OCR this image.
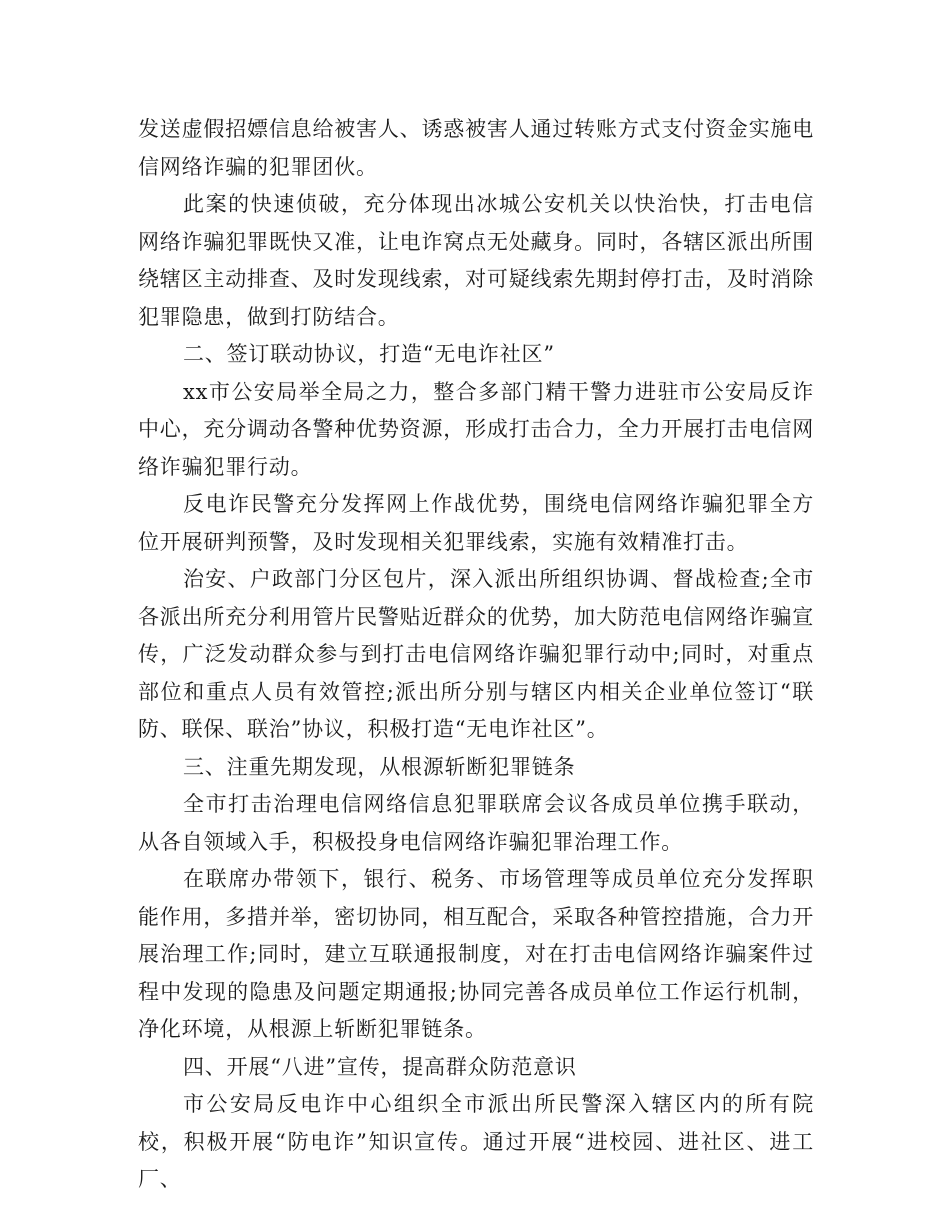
发送虚假招嫖信息给被害人、诱惑被害人通过转账方式支付资金实施电信网络诈骗的犯罪团伙。

此案的快速侦破，充分体现出冰城公安机关以快治快，打击电信网络诈骗犯罪既快又准，让电诈窝点无处藏身。同时，各辖区派出所围绕辖区主动排查、及时发现线索，对可疑线索先期封停打击，及时消除犯罪隐患，做到打防结合。

二、签订联动协议，打造“无电诈社区”

xx市公安局举全局之力，整合多部门精干警力进驻市公安局反诈中心，充分调动各警种优势资源，形成打击合力，全力开展打击电信网络诈骗犯罪行动。

反电诈民警充分发挥网上作战优势，围绕电信网络诈骗犯罪全方位开展研判预警，及时发现相关犯罪线索，实施有效精准打击。

治安、户政部门分区包片，深入派出所组织协调、督战检查;全市各派出所充分利用管片民警贴近群众的优势，加大防范电信网络诈骗宣传，广泛发动群众参与到打击电信网络诈骗犯罪行动中;同时，对重点部位和重点人员有效管控;派出所分别与辖区内相关企业单位签订“联防、联保、联治”协议，积极打造“无电诈社区”。

三、注重先期发现，从根源斩断犯罪链条

全市打击治理电信网络信息犯罪联席会议各成员单位携手联动，从各自领域入手，积极投身电信网络诈骗犯罪治理工作。

在联席办带领下，银行、税务、市场管理等成员单位充分发挥职能作用，多措并举，密切协同，相互配合，采取各种管控措施，合力开展治理工作;同时，建立互联通报制度，对在打击电信网络诈骗案件过程中发现的隐患及问题定期通报;协同完善各成员单位工作运行机制，净化环境，从根源上斩断犯罪链条。

四、开展“八进”宣传，提高群众防范意识

市公安局反电诈中心组织全市派出所民警深入辖区内的所有院校，积极开展“防电诈”知识宣传。通过开展“进校园、进社区、进工厂、
